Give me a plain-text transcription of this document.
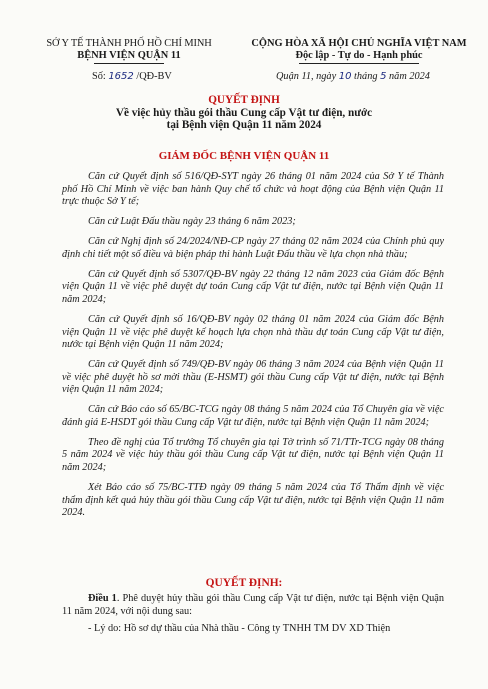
SỞ Y TẾ THÀNH PHỐ HỒ CHÍ MINH
BỆNH VIỆN QUẬN 11
CỘNG HÒA XÃ HỘI CHỦ NGHĨA VIỆT NAM
Độc lập - Tự do - Hạnh phúc
Số: 1652 /QĐ-BV	Quận 11, ngày 10 tháng 5 năm 2024
QUYẾT ĐỊNH
Về việc hủy thầu gói thầu Cung cấp Vật tư điện, nước
tại Bệnh viện Quận 11 năm 2024
GIÁM ĐỐC BỆNH VIỆN QUẬN 11

Căn cứ Quyết định số 516/QĐ-SYT ngày 26 tháng 01 năm 2024 của Sở Y tế Thành phố Hồ Chí Minh về việc ban hành Quy chế tổ chức và hoạt động của Bệnh viện Quận 11 trực thuộc Sở Y tế;

Căn cứ Luật Đấu thầu ngày 23 tháng 6 năm 2023;

Căn cứ Nghị định số 24/2024/NĐ-CP ngày 27 tháng 02 năm 2024 của Chính phủ quy định chi tiết một số điều và biện pháp thi hành Luật Đấu thầu về lựa chọn nhà thầu;

Căn cứ Quyết định số 5307/QĐ-BV ngày 22 tháng 12 năm 2023 của Giám đốc Bệnh viện Quận 11 về việc phê duyệt dự toán Cung cấp Vật tư điện, nước tại Bệnh viện Quận 11 năm 2024;

Căn cứ Quyết định số 16/QĐ-BV ngày 02 tháng 01 năm 2024 của Giám đốc Bệnh viện Quận 11 về việc phê duyệt kế hoạch lựa chọn nhà thầu dự toán Cung cấp Vật tư điện, nước tại Bệnh viện Quận 11 năm 2024;

Căn cứ Quyết định số 749/QĐ-BV ngày 06 tháng 3 năm 2024 của Bệnh viện Quận 11 về việc phê duyệt hồ sơ mời thầu (E-HSMT) gói thầu Cung cấp Vật tư điện, nước tại Bệnh viện Quận 11 năm 2024;

Căn cứ Báo cáo số 65/BC-TCG ngày 08 tháng 5 năm 2024 của Tổ Chuyên gia về việc đánh giá E-HSDT gói thầu Cung cấp Vật tư điện, nước tại Bệnh viện Quận 11 năm 2024;

Theo đề nghị của Tổ trưởng Tổ chuyên gia tại Tờ trình số 71/TTr-TCG ngày 08 tháng 5 năm 2024 về việc hủy thầu gói thầu Cung cấp Vật tư điện, nước tại Bệnh viện Quận 11 năm 2024;

Xét Báo cáo số 75/BC-TTĐ ngày 09 tháng 5 năm 2024 của Tổ Thẩm định về việc thẩm định kết quả hủy thầu gói thầu Cung cấp Vật tư điện, nước tại Bệnh viện Quận 11 năm 2024.

QUYẾT ĐỊNH:

Điều 1. Phê duyệt hủy thầu gói thầu Cung cấp Vật tư điện, nước tại Bệnh viện Quận 11 năm 2024, với nội dung sau:

- Lý do: Hồ sơ dự thầu của Nhà thầu - Công ty TNHH TM DV XD Thiện
